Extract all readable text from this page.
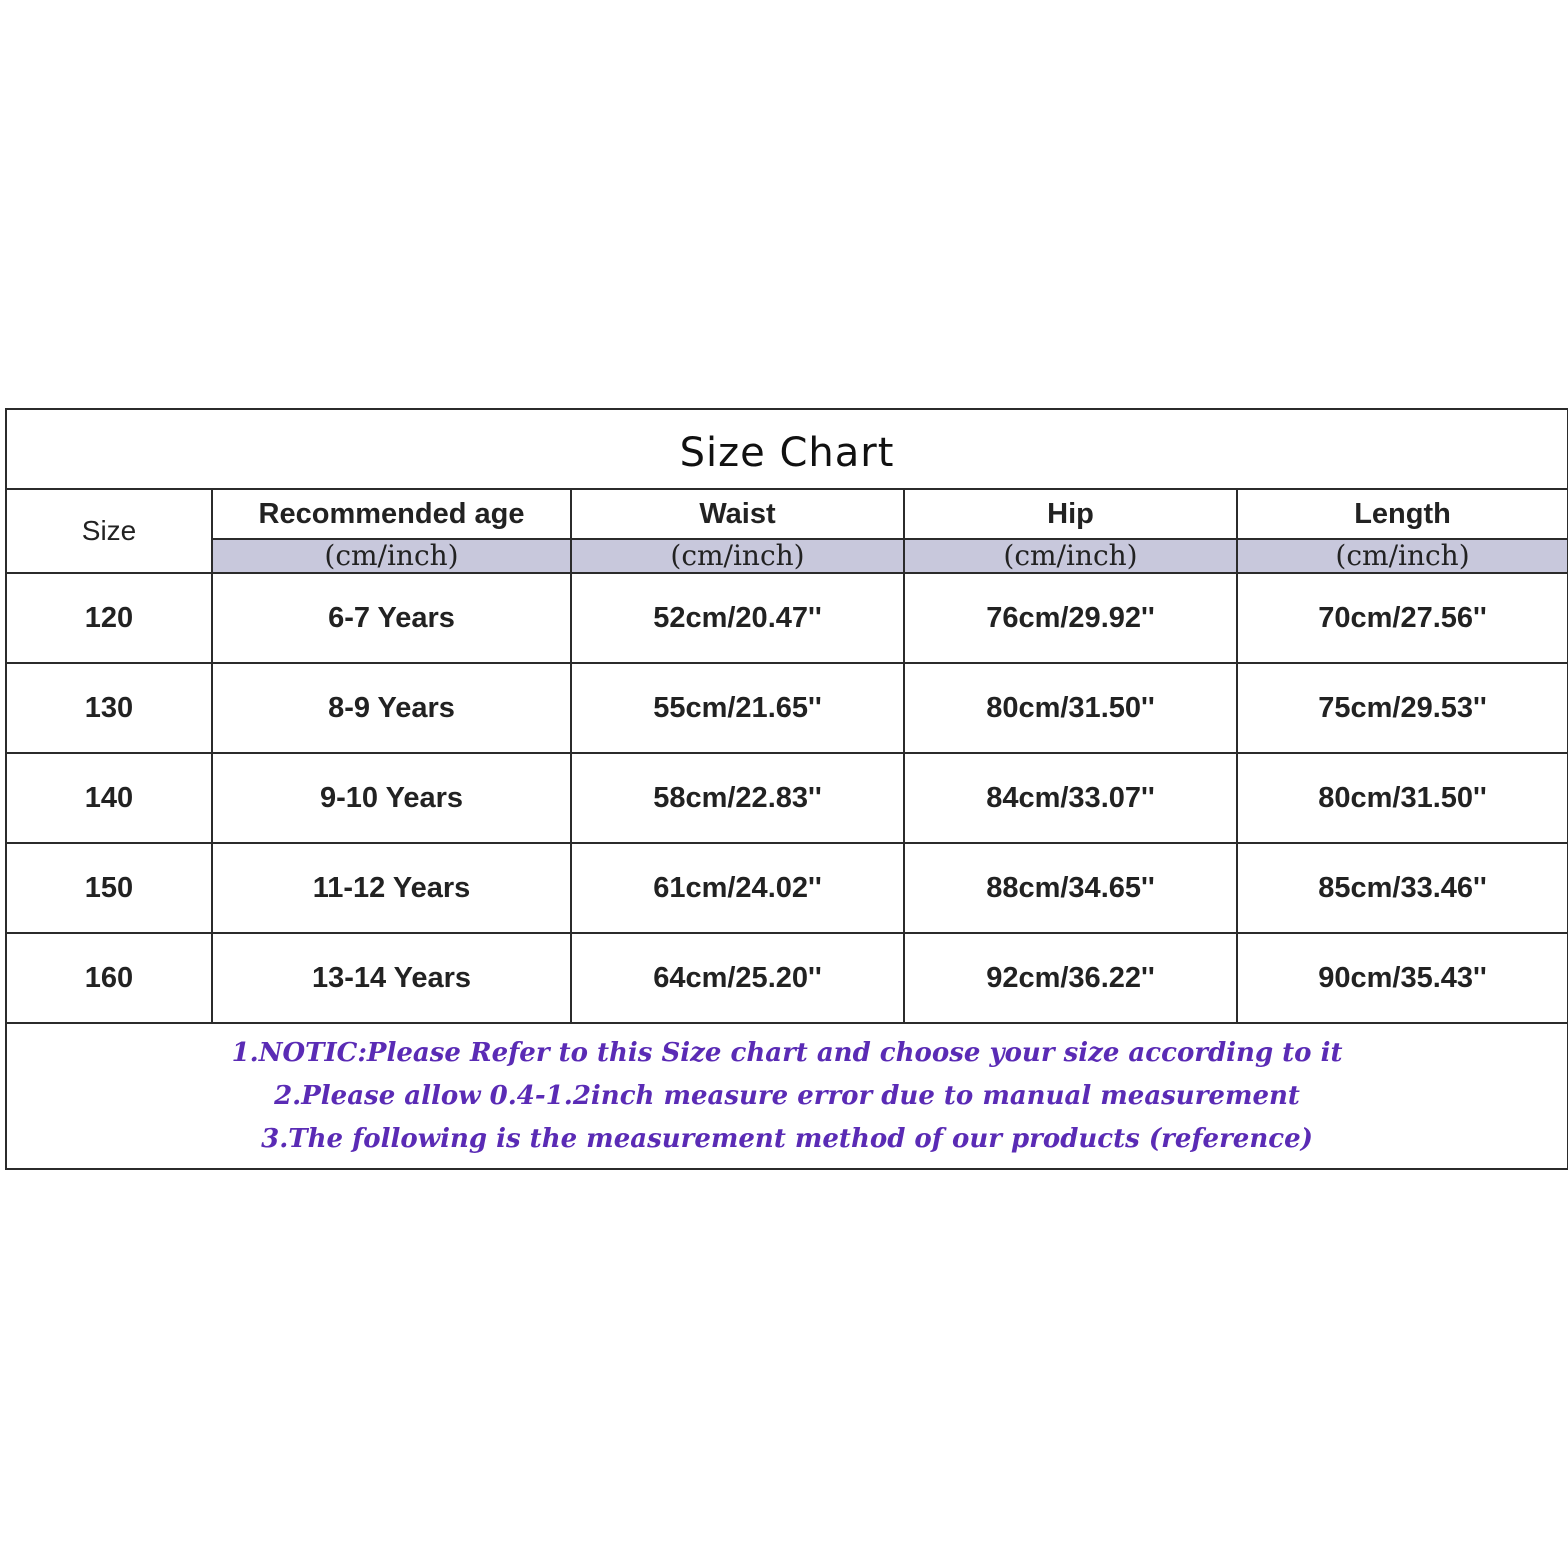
Size Chart				
Size	Recommended age	Waist	Hip	Length
	(cm/inch)	(cm/inch)	(cm/inch)	(cm/inch)
120	6-7 Years	52cm/20.47''	76cm/29.92''	70cm/27.56''
130	8-9 Years	55cm/21.65''	80cm/31.50''	75cm/29.53''
140	9-10 Years	58cm/22.83''	84cm/33.07''	80cm/31.50''
150	11-12 Years	61cm/24.02''	88cm/34.65''	85cm/33.46''
160	13-14 Years	64cm/25.20''	92cm/36.22''	90cm/35.43''

1.NOTIC:Please Refer to this Size chart and choose your size according to it
2.Please allow 0.4-1.2inch measure error due to manual measurement
3.The following is the measurement method of our products (reference)				
